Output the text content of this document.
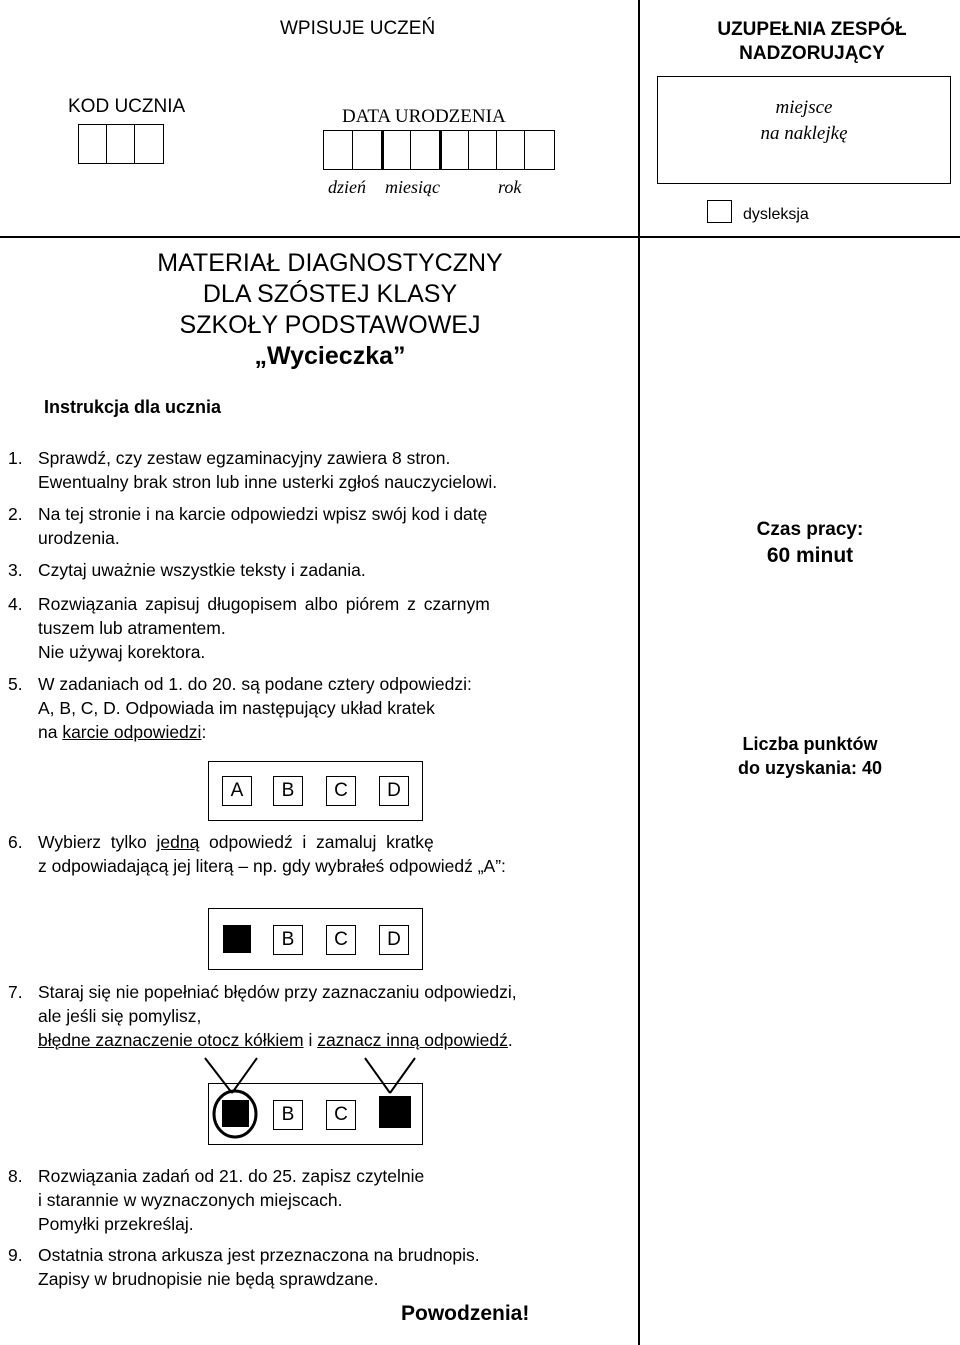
WPISUJE UCZEŃ
KOD UCZNIA	DATA URODZENIA
dzień miesiąc	rok
UZUPEŁNIA ZESPÓŁ NADZORUJĄCY
miejsce
na naklejkę
dysleksja
MATERIAŁ DIAGNOSTYCZNY
DLA SZÓSTEJ KLASY
SZKOŁY PODSTAWOWEJ
„Wycieczka”
Instrukcja dla ucznia
1. Sprawdź, czy zestaw egzaminacyjny zawiera 8 stron.
Ewentualny brak stron lub inne usterki zgłoś nauczycielowi.
2. Na tej stronie i na karcie odpowiedzi wpisz swój kod i datę
urodzenia.
3. Czytaj uważnie wszystkie teksty i zadania.
4. Rozwiązania zapisuj długopisem albo piórem z czarnym
tuszem lub atramentem.
Nie używaj korektora.
5. W zadaniach od 1. do 20. są podane cztery odpowiedzi:
A, B, C, D. Odpowiada im następujący układ kratek
na karcie odpowiedzi:
A	B	C	D
6. Wybierz  tylko  jedną  odpowiedź  i  zamaluj  kratkę
z odpowiadającą jej literą – np. gdy wybrałeś odpowiedź „A”:
B	C	D
7. Staraj się nie popełniać błędów przy zaznaczaniu odpowiedzi,
ale jeśli się pomylisz,
błędne zaznaczenie otocz kółkiem i zaznacz inną odpowiedź.
B	C
8. Rozwiązania zadań od 21. do 25. zapisz czytelnie
i starannie w wyznaczonych miejscach.
Pomyłki przekreślaj.
9. Ostatnia strona arkusza jest przeznaczona na brudnopis.
Zapisy w brudnopisie nie będą sprawdzane.
Powodzenia!
Czas pracy:
60 minut
Liczba punktów
do uzyskania: 40
